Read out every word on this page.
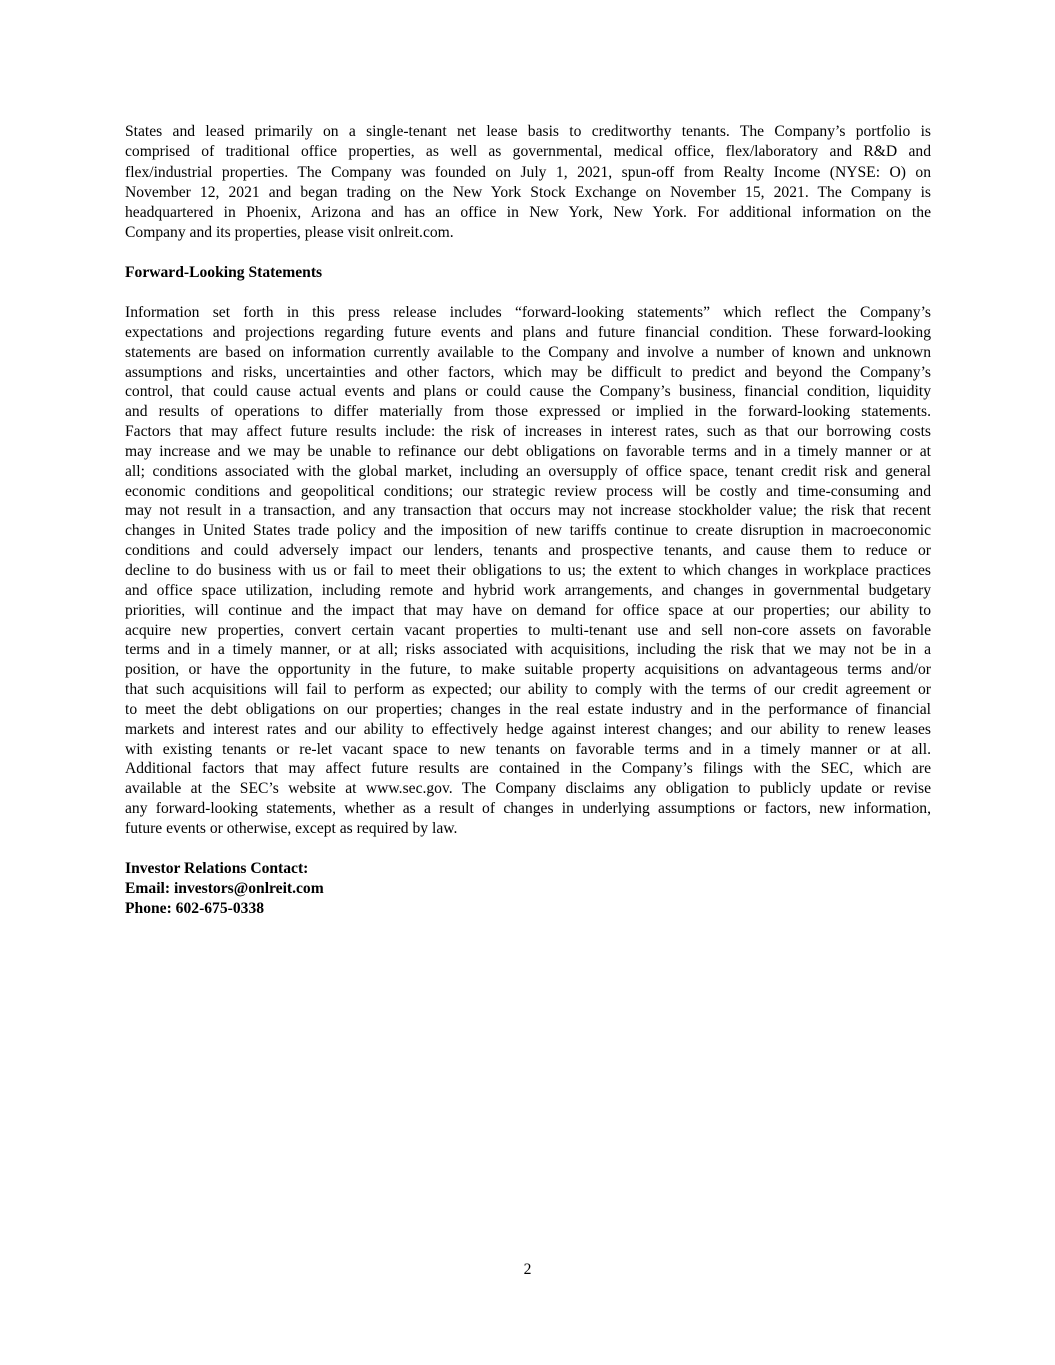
States and leased primarily on a single-tenant net lease basis to creditworthy tenants. The Company’s portfolio is
comprised of traditional office properties, as well as governmental, medical office, flex/laboratory and R&D and
flex/industrial properties. The Company was founded on July 1, 2021, spun-off from Realty Income (NYSE: O) on
November 12, 2021 and began trading on the New York Stock Exchange on November 15, 2021. The Company is
headquartered in Phoenix, Arizona and has an office in New York, New York. For additional information on the
Company and its properties, please visit onlreit.com.
Forward-Looking Statements
Information set forth in this press release includes “forward-looking statements” which reflect the Company’s
expectations and projections regarding future events and plans and future financial condition. These forward-looking
statements are based on information currently available to the Company and involve a number of known and unknown
assumptions and risks, uncertainties and other factors, which may be difficult to predict and beyond the Company’s
control, that could cause actual events and plans or could cause the Company’s business, financial condition, liquidity
and results of operations to differ materially from those expressed or implied in the forward-looking statements.
Factors that may affect future results include: the risk of increases in interest rates, such as that our borrowing costs
may increase and we may be unable to refinance our debt obligations on favorable terms and in a timely manner or at
all; conditions associated with the global market, including an oversupply of office space, tenant credit risk and general
economic conditions and geopolitical conditions; our strategic review process will be costly and time-consuming and
may not result in a transaction, and any transaction that occurs may not increase stockholder value; the risk that recent
changes in United States trade policy and the imposition of new tariffs continue to create disruption in macroeconomic
conditions and could adversely impact our lenders, tenants and prospective tenants, and cause them to reduce or
decline to do business with us or fail to meet their obligations to us; the extent to which changes in workplace practices
and office space utilization, including remote and hybrid work arrangements, and changes in governmental budgetary
priorities, will continue and the impact that may have on demand for office space at our properties; our ability to
acquire new properties, convert certain vacant properties to multi-tenant use and sell non-core assets on favorable
terms and in a timely manner, or at all; risks associated with acquisitions, including the risk that we may not be in a
position, or have the opportunity in the future, to make suitable property acquisitions on advantageous terms and/or
that such acquisitions will fail to perform as expected; our ability to comply with the terms of our credit agreement or
to meet the debt obligations on our properties; changes in the real estate industry and in the performance of financial
markets and interest rates and our ability to effectively hedge against interest changes; and our ability to renew leases
with existing tenants or re-let vacant space to new tenants on favorable terms and in a timely manner or at all.
Additional factors that may affect future results are contained in the Company’s filings with the SEC, which are
available at the SEC’s website at www.sec.gov. The Company disclaims any obligation to publicly update or revise
any forward-looking statements, whether as a result of changes in underlying assumptions or factors, new information,
future events or otherwise, except as required by law.
Investor Relations Contact:
Email: investors@onlreit.com
Phone: 602-675-0338
2
